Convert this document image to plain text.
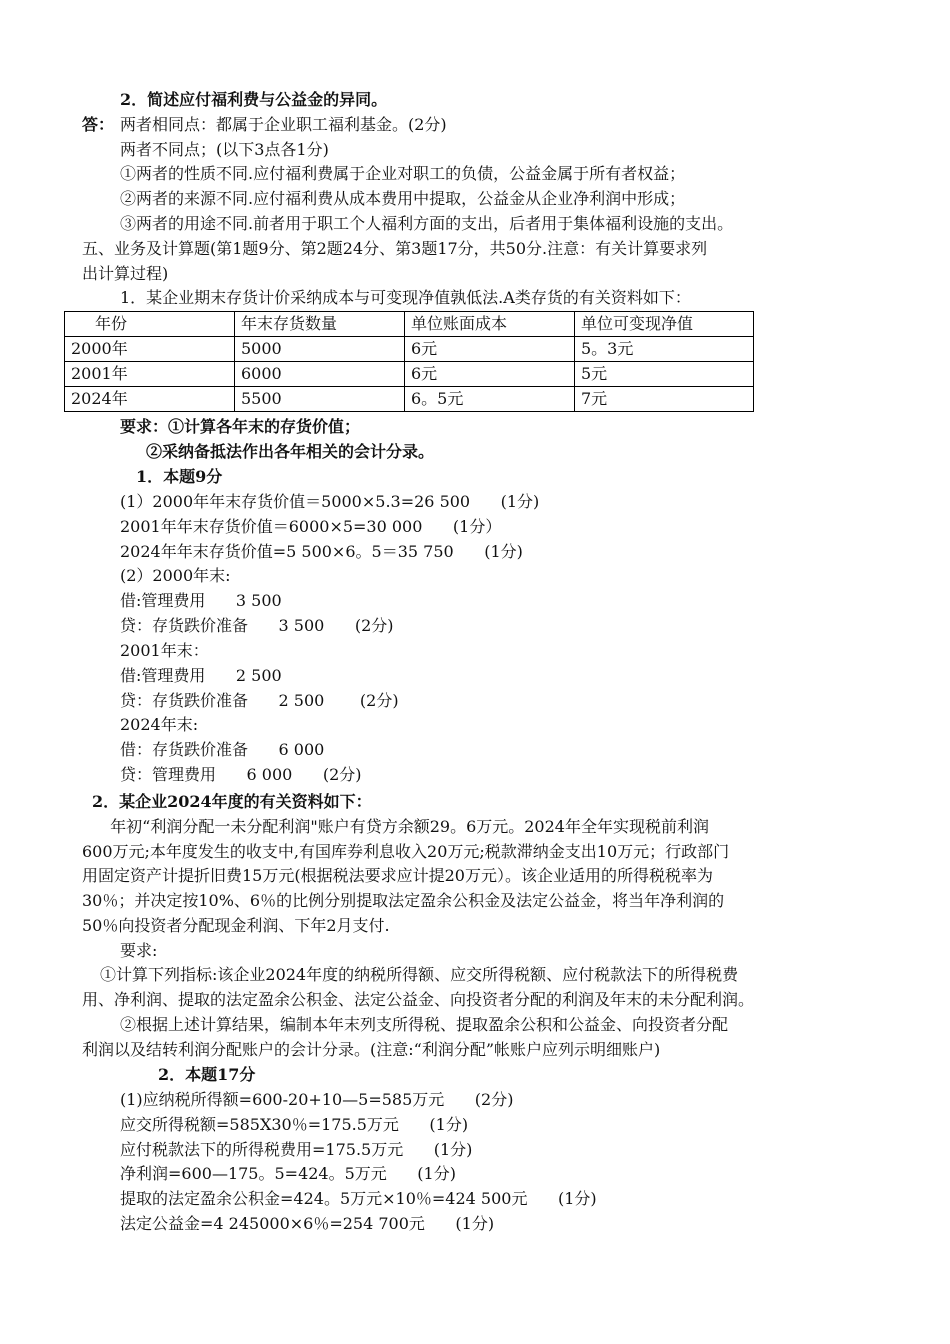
2．简述应付福利费与公益金的异同。
答： 两者相同点：都属于企业职工福利基金。(2分)
两者不同点；(以下3点各1分)
①两者的性质不同.应付福利费属于企业对职工的负债，公益金属于所有者权益；
②两者的来源不同.应付福利费从成本费用中提取，公益金从企业净利润中形成；
③两者的用途不同.前者用于职工个人福利方面的支出，后者用于集体福利设施的支出。
五、业务及计算题(第1题9分、第2题24分、第3题17分，共50分.注意：有关计算要求列
出计算过程)
1．某企业期末存货计价采纳成本与可变现净值孰低法.A类存货的有关资料如下：
年份	年末存货数量	单位账面成本	单位可变现净值
2000年	5000	6元	5。3元
2001年	6000	6元	5元
2024年	5500	6。5元	7元
要求：①计算各年末的存货价值；
②采纳备抵法作出各年相关的会计分录。
1．本题9分
(1）2000年年末存货价值＝5000×5.3=26 500      (1分)
2001年年末存货价值＝6000×5=30 000      (1分）
2024年年末存货价值=5 500×6。5＝35 750      (1分)
(2）2000年末:
借:管理费用      3 500
贷：存货跌价准备      3 500      (2分)
2001年末：
借:管理费用      2 500
贷：存货跌价准备      2 500       (2分)
2024年末:
借：存货跌价准备      6 000
贷：管理费用      6 000      (2分)
2．某企业2024年度的有关资料如下：
年初“利润分配一未分配利润"账户有贷方余额29。6万元。2024年全年实现税前利润
600万元;本年度发生的收支中,有国库券利息收入20万元;税款滞纳金支出10万元；行政部门
用固定资产计提折旧费15万元(根据税法要求应计提20万元）。该企业适用的所得税税率为
30％；并决定按10%、6％的比例分别提取法定盈余公积金及法定公益金，将当年净利润的
50％向投资者分配现金利润、下年2月支付.
要求:
①计算下列指标:该企业2024年度的纳税所得额、应交所得税额、应付税款法下的所得税费
用、净利润、提取的法定盈余公积金、法定公益金、向投资者分配的利润及年末的未分配利润。
②根据上述计算结果，编制本年末列支所得税、提取盈余公积和公益金、向投资者分配
利润以及结转利润分配账户的会计分录。(注意:“利润分配”帐账户应列示明细账户)
2．本题17分
(1)应纳税所得额=600-20+10—5=585万元      (2分)
应交所得税额=585X30％=175.5万元      (1分)
应付税款法下的所得税费用=175.5万元      (1分)
净利润=600—175。5=424。5万元      (1分)
提取的法定盈余公积金=424。5万元×10％=424 500元      (1分)
法定公益金=4 245000×6％=254 700元      (1分)
